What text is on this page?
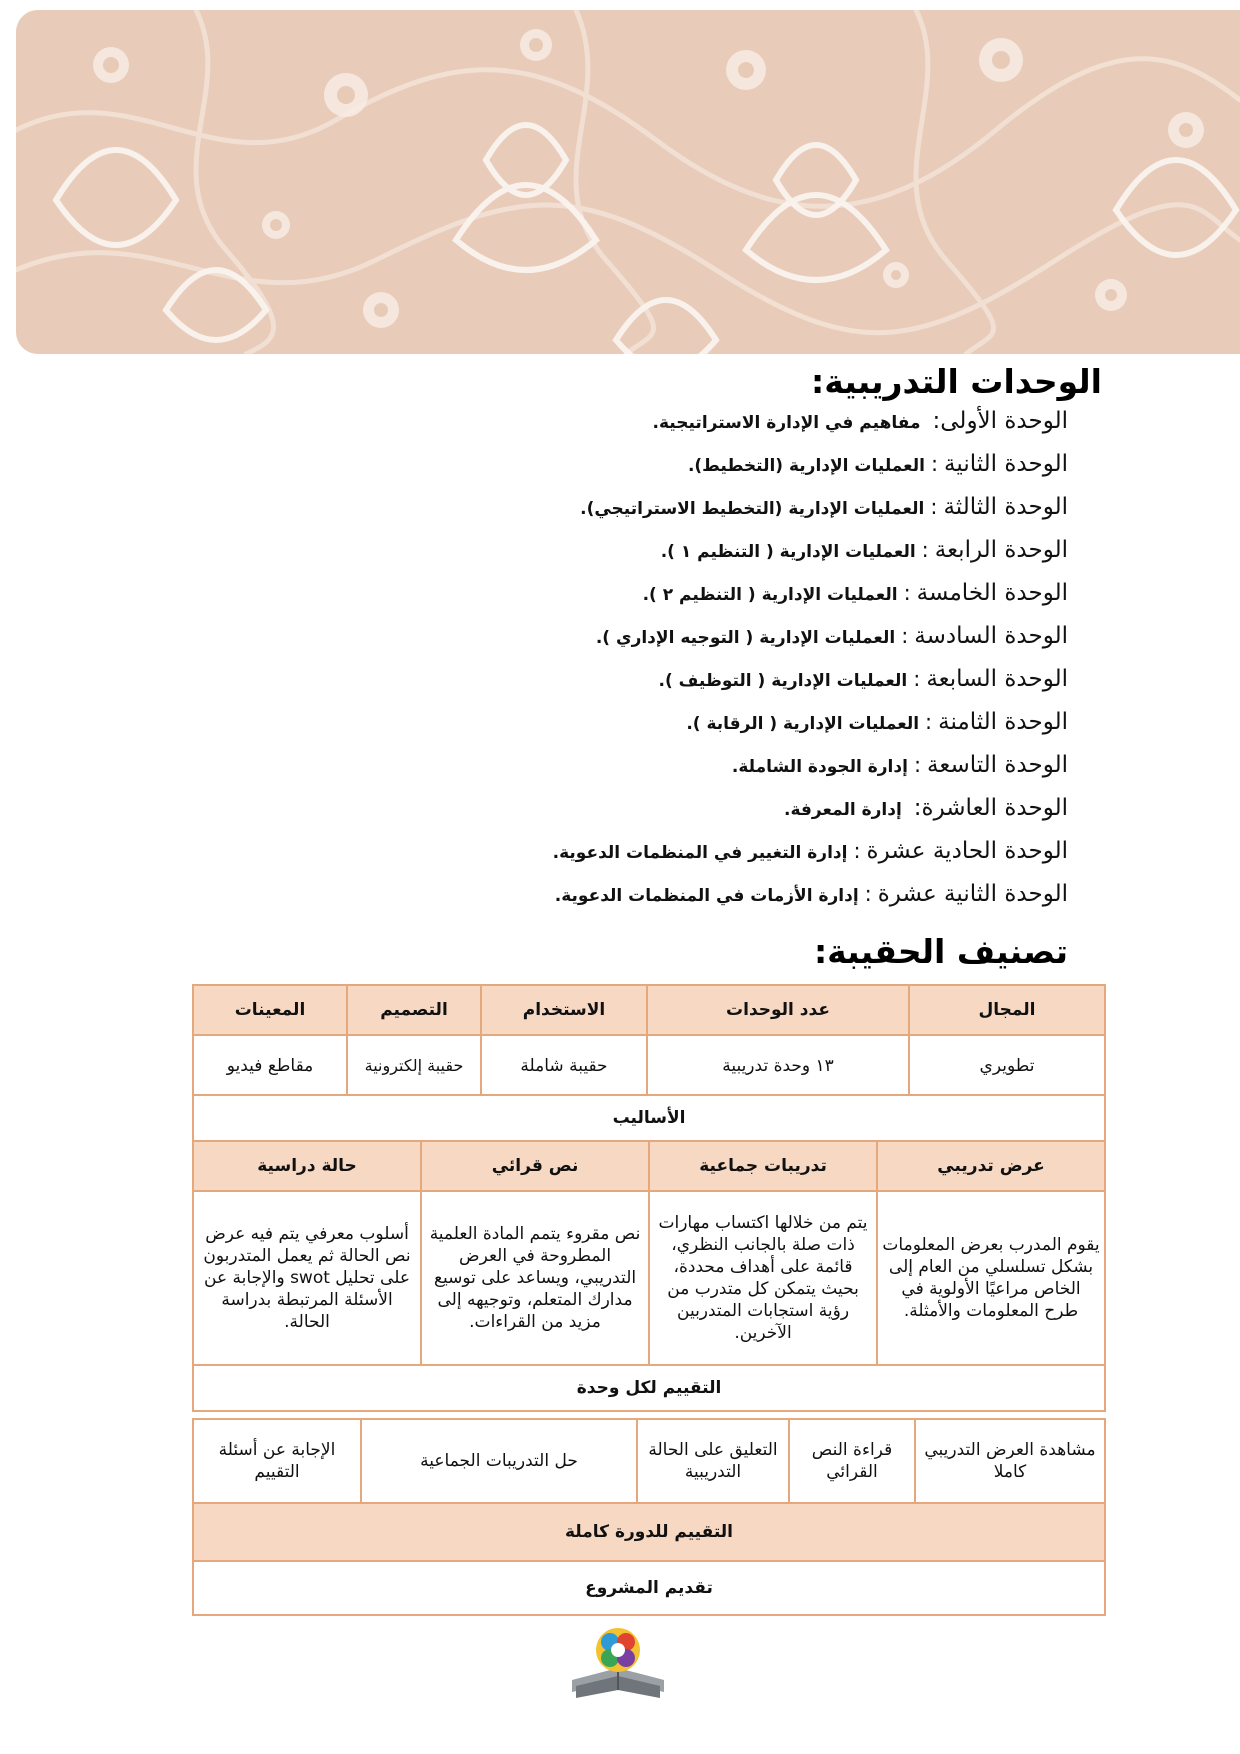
الوحدات التدريبية:
الوحدة الأولى:
مفاهيم في الإدارة الاستراتيجية.
الوحدة الثانية
:
العمليات الإدارية (التخطيط).
الوحدة الثالثة
:
العمليات الإدارية (التخطيط الاستراتيجي).
الوحدة الرابعة
:
العمليات الإدارية ( التنظيم ١ ).
الوحدة الخامسة
:
العمليات الإدارية ( التنظيم ٢ ).
الوحدة السادسة
:
العمليات الإدارية ( التوجيه الإداري ).
الوحدة السابعة
:
العمليات الإدارية ( التوظيف ).
الوحدة الثامنة
:
العمليات الإدارية ( الرقابة ).
الوحدة التاسعة
:
إدارة الجودة الشاملة.
الوحدة العاشرة:
إدارة المعرفة.
الوحدة الحادية عشرة
:
إدارة التغيير في المنظمات الدعوية.
الوحدة الثانية عشرة
:
إدارة الأزمات في المنظمات الدعوية.
تصنيف الحقيبة:
المجال	عدد الوحدات	الاستخدام	التصميم	المعينات
تطويري	١٣ وحدة تدريبية	حقيبة شاملة	حقيبة إلكترونية	مقاطع فيديو
الأساليب			
عرض تدريبي	تدريبات جماعية	نص قرائي	حالة دراسية
يقوم المدرب بعرض المعلومات بشكل تسلسلي من العام إلى الخاص مراعيًا الأولوية في طرح المعلومات والأمثلة.	يتم من خلالها اكتساب مهارات ذات صلة بالجانب النظري، قائمة على أهداف محددة، بحيث يتمكن كل متدرب من رؤية استجابات المتدربين الآخرين.	نص مقروء يتمم المادة العلمية المطروحة في العرض التدريبي، ويساعد على توسيع مدارك المتعلم، وتوجيهه إلى مزيد من القراءات.	أسلوب معرفي يتم فيه عرض نص الحالة ثم يعمل المتدربون على تحليل swot والإجابة عن الأسئلة المرتبطة بدراسة الحالة.
التقييم لكل وحدة			
مشاهدة العرض التدريبي كاملا	قراءة النص القرائي	التعليق على الحالة التدريبية	حل التدريبات الجماعية	الإجابة عن أسئلة التقييم
التقييم للدورة كاملة
تقديم المشروع
